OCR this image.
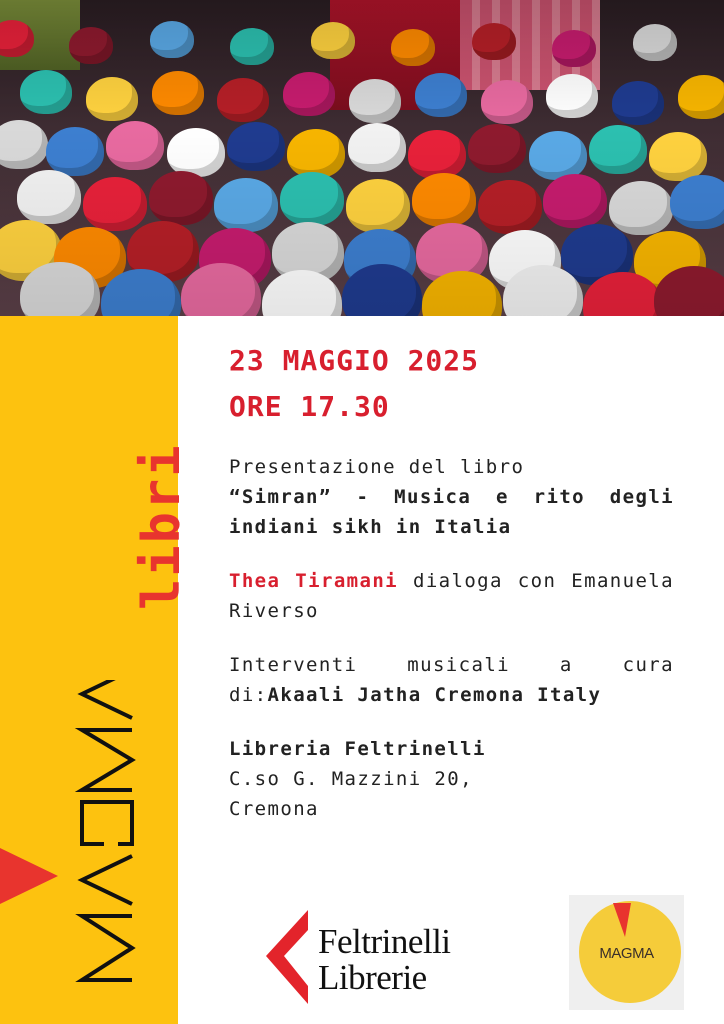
libri

23 MAGGIO 2025

ORE 17.30

Presentazione del libro

“Simran” - Musica e rito degli indiani sikh in Italia

Thea Tiramani dialoga con Emanuela Riverso

Interventi musicali a cura di:Akaali Jatha Cremona Italy

Libreria Feltrinelli

C.so G. Mazzini 20,

Cremona

Feltrinelli
Librerie
MAGMA
